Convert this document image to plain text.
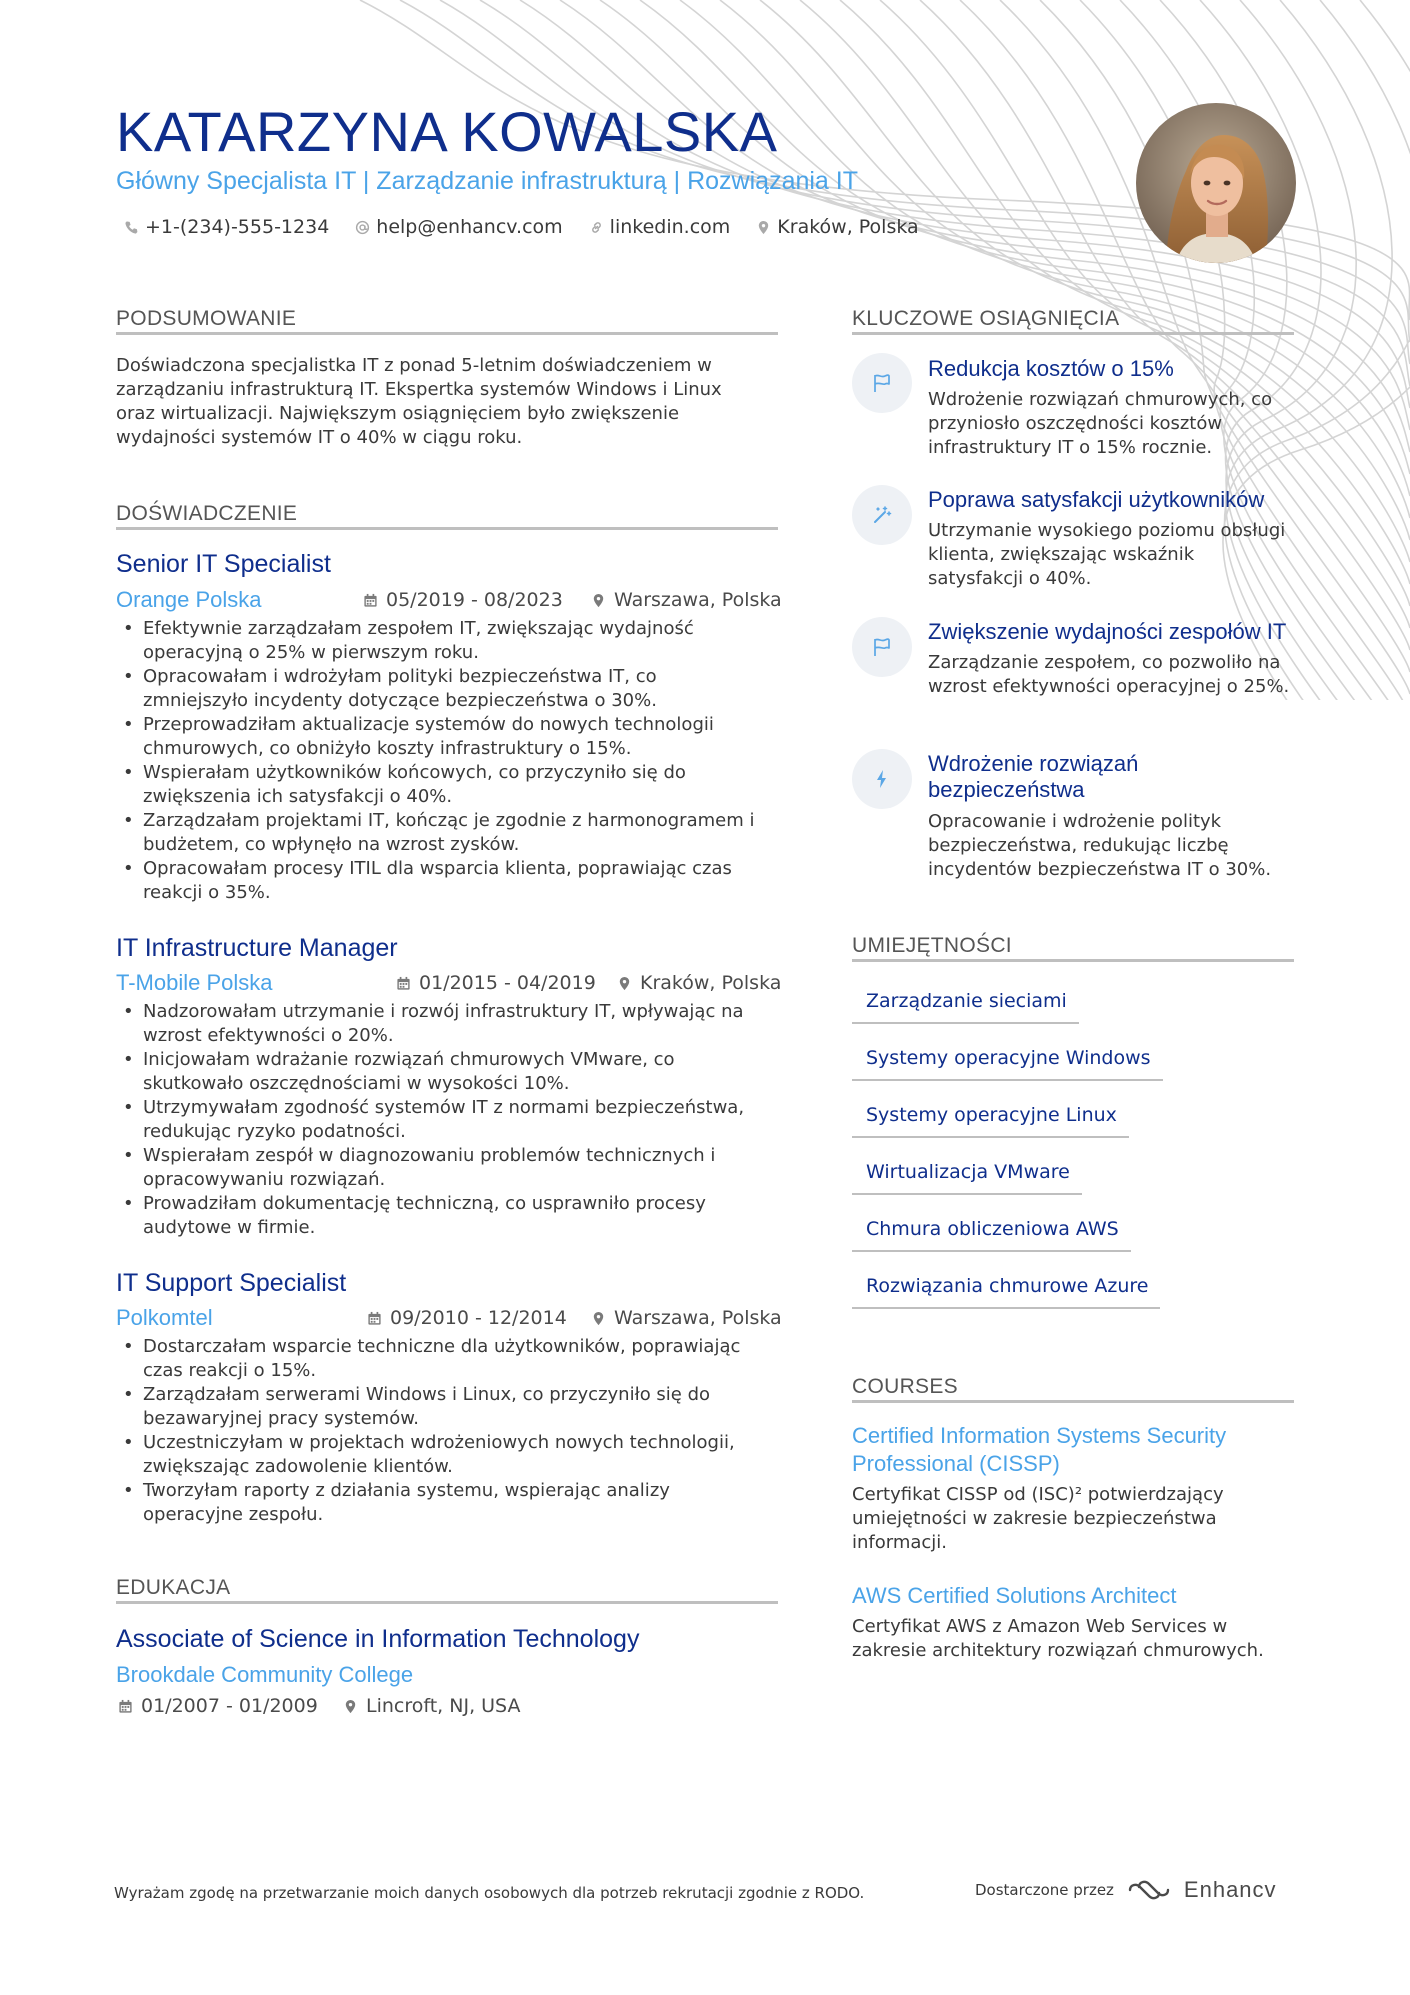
KATARZYNA KOWALSKA
Główny Specjalista IT | Zarządzanie infrastrukturą | Rozwiązania IT
+1-(234)-555-1234 help@enhancv.com linkedin.com Kraków, Polska
PODSUMOWANIE

Doświadczona specjalistka IT z ponad 5-letnim doświadczeniem w zarządzaniu infrastrukturą IT. Ekspertka systemów Windows i Linux oraz wirtualizacji. Największym osiągnięciem było zwiększenie wydajności systemów IT o 40% w ciągu roku.

DOŚWIADCZENIE
Senior IT Specialist
Orange Polska	05/2019 - 08/2023	Warszawa, Polska
• Efektywnie zarządzałam zespołem IT, zwiększając wydajność operacyjną o 25% w pierwszym roku.
• Opracowałam i wdrożyłam polityki bezpieczeństwa IT, co zmniejszyło incydenty dotyczące bezpieczeństwa o 30%.
• Przeprowadziłam aktualizacje systemów do nowych technologii chmurowych, co obniżyło koszty infrastruktury o 15%.
• Wspierałam użytkowników końcowych, co przyczyniło się do zwiększenia ich satysfakcji o 40%.
• Zarządzałam projektami IT, kończąc je zgodnie z harmonogramem i budżetem, co wpłynęło na wzrost zysków.
• Opracowałam procesy ITIL dla wsparcia klienta, poprawiając czas reakcji o 35%.
IT Infrastructure Manager
T-Mobile Polska	01/2015 - 04/2019 Kraków, Polska
• Nadzorowałam utrzymanie i rozwój infrastruktury IT, wpływając na wzrost efektywności o 20%.
• Inicjowałam wdrażanie rozwiązań chmurowych VMware, co skutkowało oszczędnościami w wysokości 10%.
• Utrzymywałam zgodność systemów IT z normami bezpieczeństwa, redukując ryzyko podatności.
• Wspierałam zespół w diagnozowaniu problemów technicznych i opracowywaniu rozwiązań.
• Prowadziłam dokumentację techniczną, co usprawniło procesy audytowe w firmie.
IT Support Specialist
Polkomtel	09/2010 - 12/2014 Warszawa, Polska
• Dostarczałam wsparcie techniczne dla użytkowników, poprawiając czas reakcji o 15%.
• Zarządzałam serwerami Windows i Linux, co przyczyniło się do bezawaryjnej pracy systemów.
• Uczestniczyłam w projektach wdrożeniowych nowych technologii, zwiększając zadowolenie klientów.
• Tworzyłam raporty z działania systemu, wspierając analizy operacyjne zespołu.
EDUKACJA
Associate of Science in Information Technology
Brookdale Community College
01/2007 - 01/2009	Lincroft, NJ, USA
KLUCZOWE OSIĄGNIĘCIA
Redukcja kosztów o 15%

Wdrożenie rozwiązań chmurowych, co przyniosło oszczędności kosztów infrastruktury IT o 15% rocznie.

Poprawa satysfakcji użytkowników

Utrzymanie wysokiego poziomu obsługi klienta, zwiększając wskaźnik satysfakcji o 40%.

Zwiększenie wydajności zespołów IT

Zarządzanie zespołem, co pozwoliło na wzrost efektywności operacyjnej o 25%.

Wdrożenie rozwiązań bezpieczeństwa

Opracowanie i wdrożenie polityk bezpieczeństwa, redukując liczbę incydentów bezpieczeństwa IT o 30%.

UMIEJĘTNOŚCI
Zarządzanie sieciami
Systemy operacyjne Windows
Systemy operacyjne Linux
Wirtualizacja VMware
Chmura obliczeniowa AWS
Rozwiązania chmurowe Azure
COURSES
Certified Information Systems Security Professional (CISSP)

Certyfikat CISSP od (ISC)² potwierdzający umiejętności w zakresie bezpieczeństwa informacji.

AWS Certified Solutions Architect

Certyfikat AWS z Amazon Web Services w zakresie architektury rozwiązań chmurowych.

Wyrażam zgodę na przetwarzanie moich danych osobowych dla potrzeb rekrutacji zgodnie z RODO.	Dostarczone przez	Enhancv
